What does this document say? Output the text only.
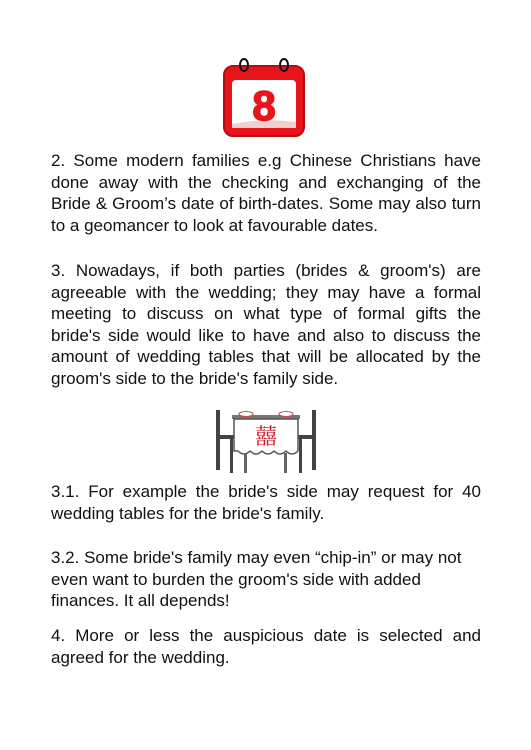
8

2. Some modern families e.g Chinese Christians have done away with the checking and exchanging of the Bride & Groom’s date of birth-dates. Some may also turn to a geomancer to look at favourable dates.

3. Nowadays, if both parties (brides & groom's) are agreeable with the wedding; they may have a formal meeting to discuss on what type of formal gifts the bride's side would like to have and also to discuss the amount of wedding tables that will be allocated by the groom's side to the bride's family side.

囍

3.1. For example the bride's side may request for 40 wedding tables for the bride's family.

3.2. Some bride's family may even “chip-in” or may not even want to burden the groom's side with added finances. It all depends!

4. More or less the auspicious date is selected and agreed for the wedding.
